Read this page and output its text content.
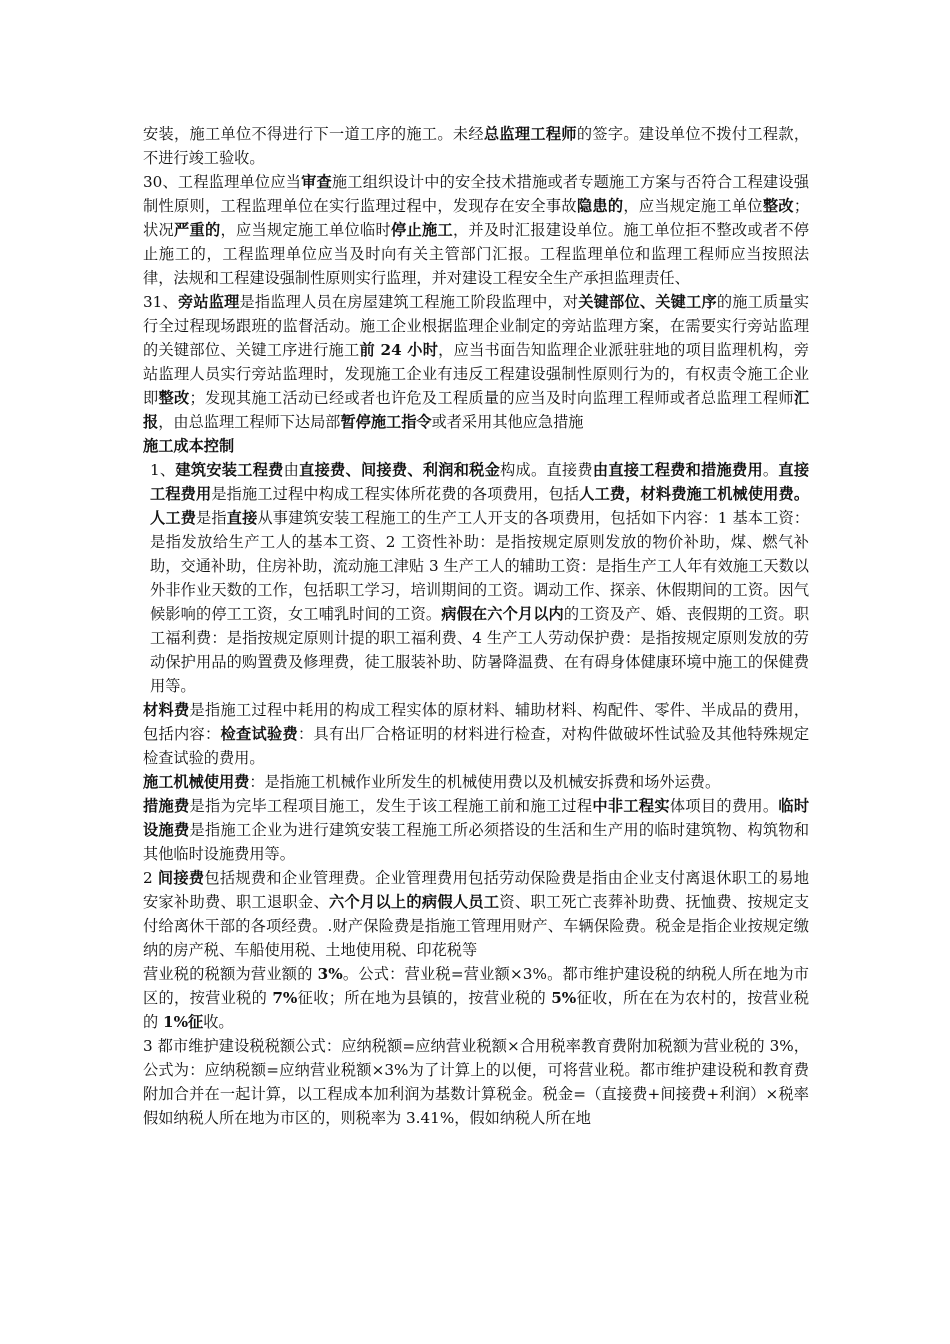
安装，施工单位不得进行下一道工序的施工。未经总监理工程师的签字。建设单位不拨付工程款，不进行竣工验收。

30、工程监理单位应当审查施工组织设计中的安全技术措施或者专题施工方案与否符合工程建设强制性原则，工程监理单位在实行监理过程中，发现存在安全事故隐患的，应当规定施工单位整改；状况严重的，应当规定施工单位临时停止施工，并及时汇报建设单位。施工单位拒不整改或者不停止施工的，工程监理单位应当及时向有关主管部门汇报。工程监理单位和监理工程师应当按照法律，法规和工程建设强制性原则实行监理，并对建设工程安全生产承担监理责任、

31、旁站监理是指监理人员在房屋建筑工程施工阶段监理中，对关键部位、关键工序的施工质量实行全过程现场跟班的监督活动。施工企业根据监理企业制定的旁站监理方案，在需要实行旁站监理的关键部位、关键工序进行施工前 24 小时，应当书面告知监理企业派驻驻地的项目监理机构，旁站监理人员实行旁站监理时，发现施工企业有违反工程建设强制性原则行为的，有权责令施工企业即整改；发现其施工活动已经或者也许危及工程质量的应当及时向监理工程师或者总监理工程师汇报，由总监理工程师下达局部暂停施工指令或者采用其他应急措施

施工成本控制

1、建筑安装工程费由直接费、间接费、利润和税金构成。直接费由直接工程费和措施费用。直接工程费用是指施工过程中构成工程实体所花费的各项费用，包括人工费，材料费施工机械使用费。人工费是指直接从事建筑安装工程施工的生产工人开支的各项费用，包括如下内容：1 基本工资：是指发放给生产工人的基本工资、2 工资性补助：是指按规定原则发放的物价补助，煤、燃气补助，交通补助，住房补助，流动施工津贴 3 生产工人的辅助工资：是指生产工人年有效施工天数以外非作业天数的工作，包括职工学习，培训期间的工资。调动工作、探亲、休假期间的工资。因气候影响的停工工资，女工哺乳时间的工资。病假在六个月以内的工资及产、婚、丧假期的工资。职工福利费：是指按规定原则计提的职工福利费、4 生产工人劳动保护费：是指按规定原则发放的劳动保护用品的购置费及修理费，徒工服装补助、防暑降温费、在有碍身体健康环境中施工的保健费用等。

材料费是指施工过程中耗用的构成工程实体的原材料、辅助材料、构配件、零件、半成品的费用，包括内容：检查试验费：具有出厂合格证明的材料进行检查，对构件做破坏性试验及其他特殊规定检查试验的费用。

施工机械使用费：是指施工机械作业所发生的机械使用费以及机械安拆费和场外运费。

措施费是指为完毕工程项目施工，发生于该工程施工前和施工过程中非工程实体项目的费用。临时设施费是指施工企业为进行建筑安装工程施工所必须搭设的生活和生产用的临时建筑物、构筑物和其他临时设施费用等。

2 间接费包括规费和企业管理费。企业管理费用包括劳动保险费是指由企业支付离退休职工的易地安家补助费、职工退职金、六个月以上的病假人员工资、职工死亡丧葬补助费、抚恤费、按规定支付给离休干部的各项经费。.财产保险费是指施工管理用财产、车辆保险费。税金是指企业按规定缴纳的房产税、车船使用税、土地使用税、印花税等

营业税的税额为营业额的 3%。公式：营业税=营业额×3%。都市维护建设税的纳税人所在地为市区的，按营业税的 7%征收；所在地为县镇的，按营业税的 5%征收，所在在为农村的，按营业税的 1%征收。

3 都市维护建设税税额公式：应纳税额=应纳营业税额×合用税率教育费附加税额为营业税的 3%，公式为：应纳税额=应纳营业税额×3%为了计算上的以便，可将营业税。都市维护建设税和教育费附加合并在一起计算，以工程成本加利润为基数计算税金。税金=（直接费+间接费+利润）×税率假如纳税人所在地为市区的，则税率为 3.41%，假如纳税人所在地
